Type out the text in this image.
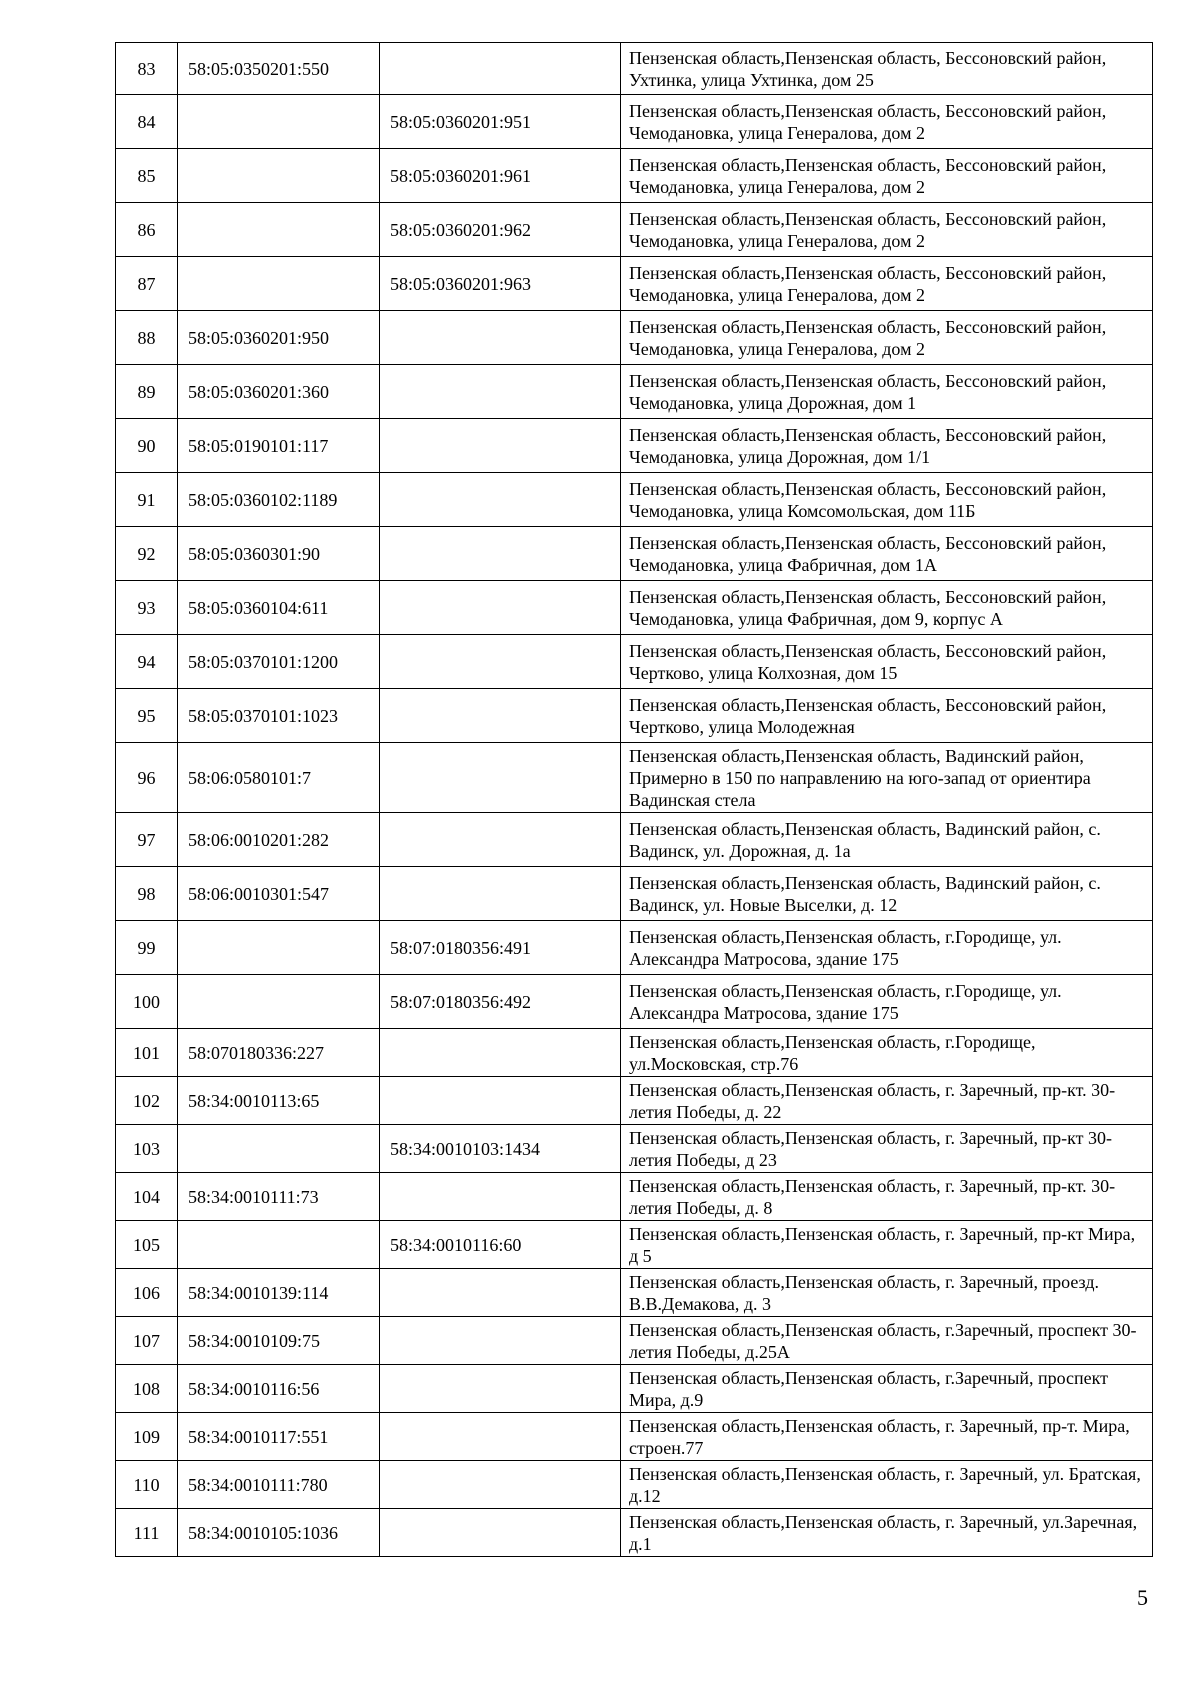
83	58:05:0350201:550		Пензенская область,Пензенская область, Бессоновский район, Ухтинка, улица Ухтинка, дом 25
84		58:05:0360201:951	Пензенская область,Пензенская область, Бессоновский район, Чемодановка, улица Генералова, дом 2
85		58:05:0360201:961	Пензенская область,Пензенская область, Бессоновский район, Чемодановка, улица Генералова, дом 2
86		58:05:0360201:962	Пензенская область,Пензенская область, Бессоновский район, Чемодановка, улица Генералова, дом 2
87		58:05:0360201:963	Пензенская область,Пензенская область, Бессоновский район, Чемодановка, улица Генералова, дом 2
88	58:05:0360201:950		Пензенская область,Пензенская область, Бессоновский район, Чемодановка, улица Генералова, дом 2
89	58:05:0360201:360		Пензенская область,Пензенская область, Бессоновский район, Чемодановка, улица Дорожная, дом 1
90	58:05:0190101:117		Пензенская область,Пензенская область, Бессоновский район, Чемодановка, улица Дорожная, дом 1/1
91	58:05:0360102:1189		Пензенская область,Пензенская область, Бессоновский район, Чемодановка, улица Комсомольская, дом 11Б
92	58:05:0360301:90		Пензенская область,Пензенская область, Бессоновский район, Чемодановка, улица Фабричная, дом 1А
93	58:05:0360104:611		Пензенская область,Пензенская область, Бессоновский район, Чемодановка, улица Фабричная, дом 9, корпус А
94	58:05:0370101:1200		Пензенская область,Пензенская область, Бессоновский район, Чертково, улица Колхозная, дом 15
95	58:05:0370101:1023		Пензенская область,Пензенская область, Бессоновский район, Чертково, улица Молодежная
96	58:06:0580101:7		Пензенская область,Пензенская область, Вадинский район, Примерно в 150 по направлению на юго-запад от ориентира Вадинская стела
97	58:06:0010201:282		Пензенская область,Пензенская область, Вадинский район, с. Вадинск, ул. Дорожная, д. 1а
98	58:06:0010301:547		Пензенская область,Пензенская область, Вадинский район, с. Вадинск, ул. Новые Выселки, д. 12
99		58:07:0180356:491	Пензенская область,Пензенская область, г.Городище, ул. Александра Матросова, здание 175
100		58:07:0180356:492	Пензенская область,Пензенская область, г.Городище, ул. Александра Матросова, здание 175
101	58:070180336:227		Пензенская область,Пензенская область, г.Городище, ул.Московская, стр.76
102	58:34:0010113:65		Пензенская область,Пензенская область, г. Заречный, пр-кт. 30-летия Победы, д. 22
103		58:34:0010103:1434	Пензенская область,Пензенская область, г. Заречный, пр-кт 30-летия Победы, д 23
104	58:34:0010111:73		Пензенская область,Пензенская область, г. Заречный, пр-кт. 30-летия Победы, д. 8
105		58:34:0010116:60	Пензенская область,Пензенская область, г. Заречный, пр-кт Мира, д 5
106	58:34:0010139:114		Пензенская область,Пензенская область, г. Заречный, проезд. В.В.Демакова, д. 3
107	58:34:0010109:75		Пензенская область,Пензенская область, г.Заречный, проспект 30-летия Победы, д.25А
108	58:34:0010116:56		Пензенская область,Пензенская область, г.Заречный, проспект Мира, д.9
109	58:34:0010117:551		Пензенская область,Пензенская область, г. Заречный, пр-т. Мира, строен.77
110	58:34:0010111:780		Пензенская область,Пензенская область, г. Заречный, ул. Братская, д.12
111	58:34:0010105:1036		Пензенская область,Пензенская область, г. Заречный, ул.Заречная, д.1
5
